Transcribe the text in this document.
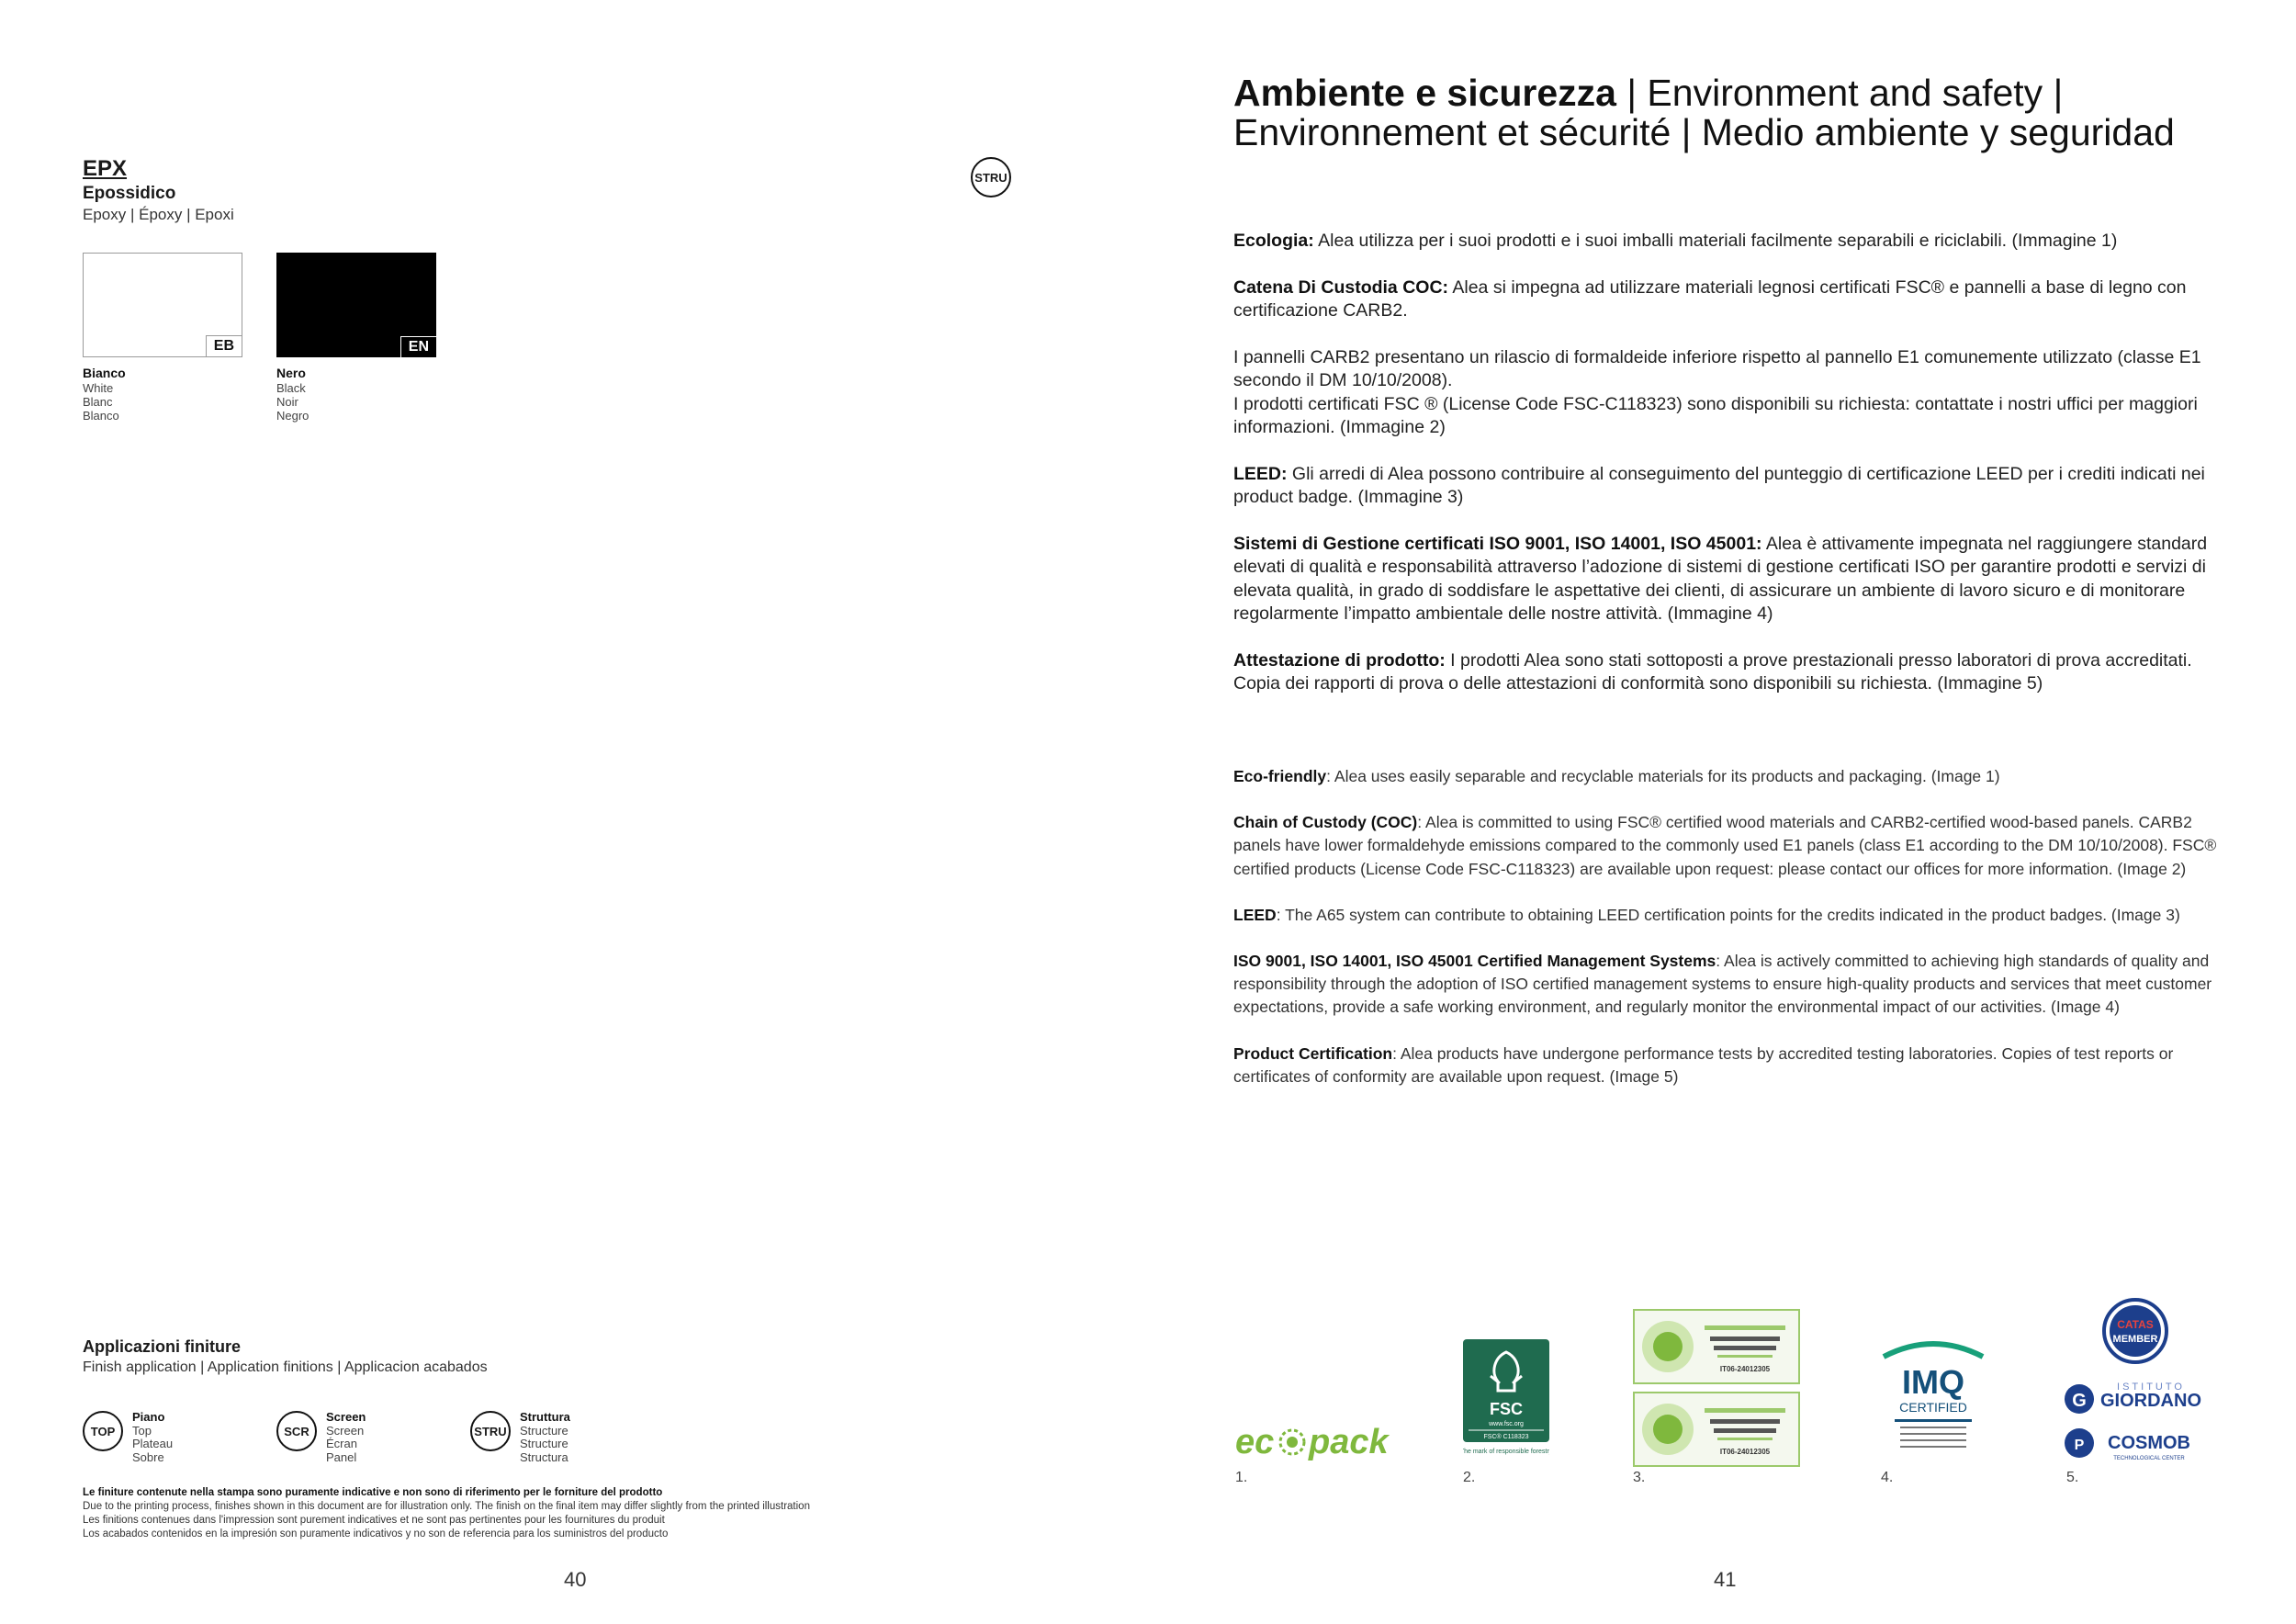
EPX
Epossidico
Epoxy | Époxy | Epoxi
STRU
EB	EN
Bianco
White
Blanc
Blanco
Nero
Black
Noir
Negro
Applicazioni finiture
Finish application | Application finitions | Applicacion acabados
TOP
Piano
Top
Plateau
Sobre
SCR
Screen
Screen
Écran
Panel
STRU
Struttura
Structure
Structure
Structura
Le finiture contenute nella stampa sono puramente indicative e non sono di riferimento per le forniture del prodotto
Due to the printing process, finishes shown in this document are for illustration only. The finish on the final item may differ slightly from the printed illustration
Les finitions contenues dans l'impression sont purement indicatives et ne sont pas pertinentes pour les fournitures du produit
Los acabados contenidos en la impresión son puramente indicativos y no son de referencia para los suministros del producto
40
Ambiente e sicurezza | Environment and safety | Environnement et sécurité | Medio ambiente y seguridad

Ecologia: Alea utilizza per i suoi prodotti e i suoi imballi materiali facilmente separabili e riciclabili. (Immagine 1)

Catena Di Custodia COC: Alea si impegna ad utilizzare materiali legnosi certificati FSC® e pannelli a base di legno con certificazione CARB2.

I pannelli CARB2 presentano un rilascio di formaldeide inferiore rispetto al pannello E1 comunemente utilizzato (classe E1 secondo il DM 10/10/2008).
I prodotti certificati FSC ® (License Code FSC-C118323) sono disponibili su richiesta: contattate i nostri uffici per maggiori informazioni. (Immagine 2)

LEED: Gli arredi di Alea possono contribuire al conseguimento del punteggio di certificazione LEED per i crediti indicati nei product badge. (Immagine 3)

Sistemi di Gestione certificati ISO 9001, ISO 14001, ISO 45001: Alea è attivamente impegnata nel raggiungere standard elevati di qualità e responsabilità attraverso l’adozione di sistemi di gestione certificati ISO per garantire prodotti e servizi di elevata qualità, in grado di soddisfare le aspettative dei clienti, di assicurare un ambiente di lavoro sicuro e di monitorare regolarmente l’impatto ambientale delle nostre attività. (Immagine 4)

Attestazione di prodotto: I prodotti Alea sono stati sottoposti a prove prestazionali presso laboratori di prova accreditati.
Copia dei rapporti di prova o delle attestazioni di conformità sono disponibili su richiesta. (Immagine 5)

Eco-friendly: Alea uses easily separable and recyclable materials for its products and packaging. (Image 1)

Chain of Custody (COC): Alea is committed to using FSC® certified wood materials and CARB2-certified wood-based panels. CARB2 panels have lower formaldehyde emissions compared to the commonly used E1 panels (class E1 according to the DM 10/10/2008). FSC® certified products (License Code FSC-C118323) are available upon request: please contact our offices for more information. (Image 2)

LEED: The A65 system can contribute to obtaining LEED certification points for the credits indicated in the product badges. (Image 3)

ISO 9001, ISO 14001, ISO 45001 Certified Management Systems: Alea is actively committed to achieving high standards of quality and responsibility through the adoption of ISO certified management systems to ensure high-quality products and services that meet customer expectations, provide a safe working environment, and regularly monitor the environmental impact of our activities. (Image 4)

Product Certification: Alea products have undergone performance tests by accredited testing laboratories. Copies of test reports or certificates of conformity are available upon request. (Image 5)

ec pack
FSC
www.fsc.org
FSC® C118323
The mark of responsible forestry
IT06-24012305
IT06-24012305
IMQ
CERTIFIED
CATAS
MEMBER
G
ISTITUTO
GIORDANO
P COSMOB
TECHNOLOGICAL CENTER
1.	2.	3.	4.	5.
41
